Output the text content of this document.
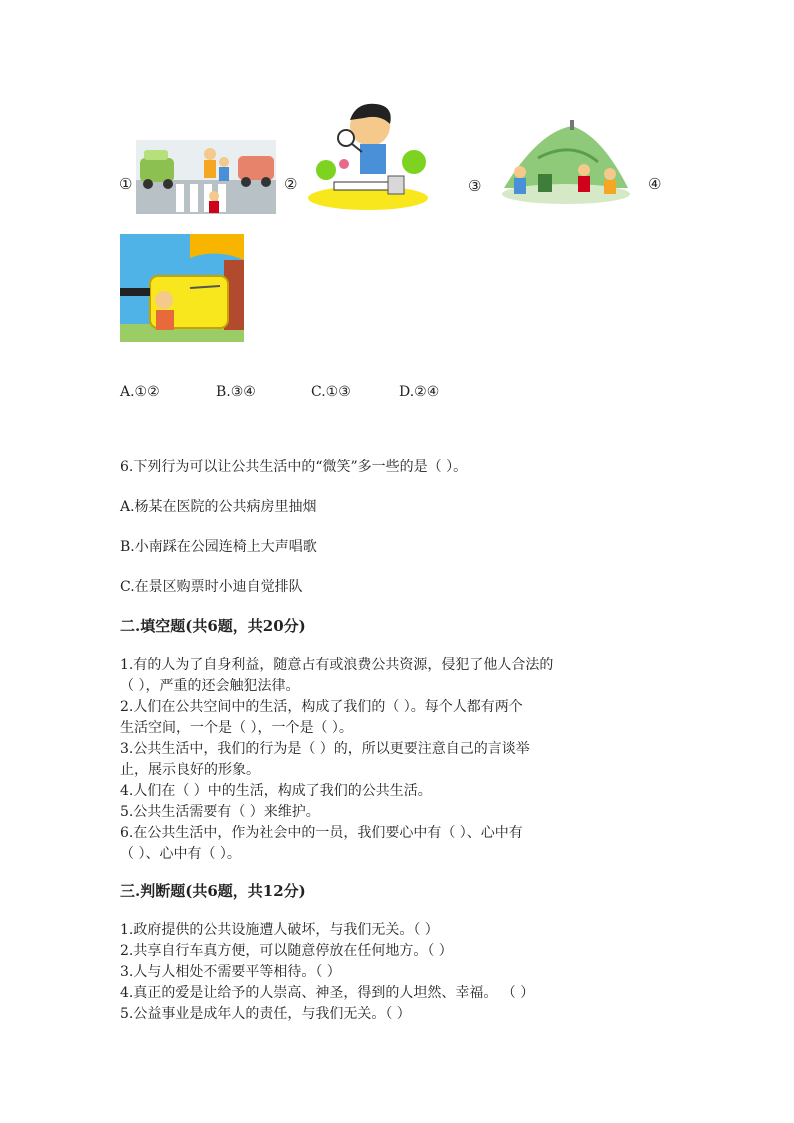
①	②	③	④
A.①②	B.③④	C.①③	D.②④
6.下列行为可以让公共生活中的“微笑”多一些的是（ ）。
A.杨某在医院的公共病房里抽烟
B.小南踩在公园连椅上大声唱歌
C.在景区购票时小迪自觉排队
二.填空题(共6题，共20分)
1.有的人为了自身利益，随意占有或浪费公共资源，侵犯了他人合法的
（ ），严重的还会触犯法律。
2.人们在公共空间中的生活，构成了我们的（ ）。每个人都有两个
生活空间，一个是（ ），一个是（ ）。
3.公共生活中，我们的行为是（ ）的，所以更要注意自己的言谈举
止，展示良好的形象。
4.人们在（ ）中的生活，构成了我们的公共生活。
5.公共生活需要有（ ）来维护。
6.在公共生活中，作为社会中的一员，我们要心中有（ ）、心中有
（ ）、心中有（ ）。
三.判断题(共6题，共12分)
1.政府提供的公共设施遭人破坏，与我们无关。（ ）
2.共享自行车真方便，可以随意停放在任何地方。（ ）
3.人与人相处不需要平等相待。（ ）
4.真正的爱是让给予的人崇高、神圣，得到的人坦然、幸福。 （ ）
5.公益事业是成年人的责任，与我们无关。（ ）
